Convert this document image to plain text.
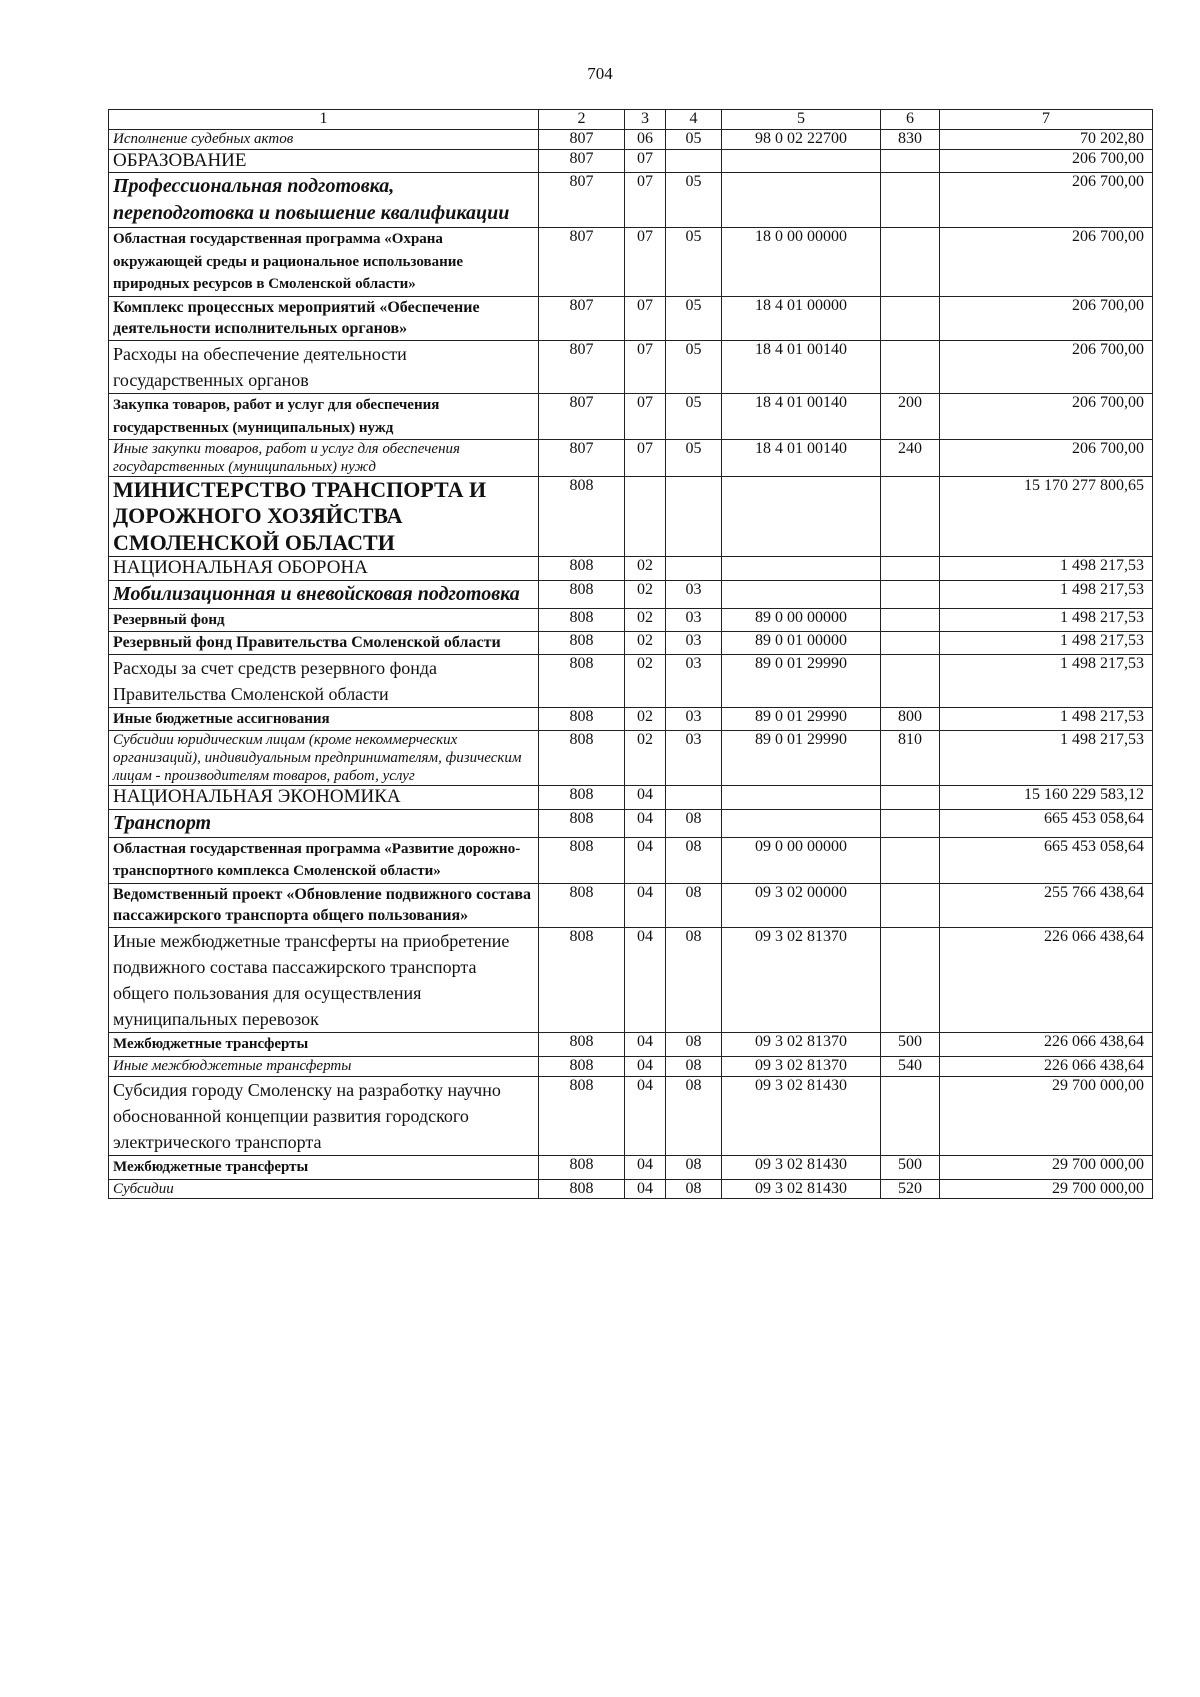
704
1	2	3	4	5	6	7
Исполнение судебных актов	807	06	05	98 0 02 22700	830	70 202,80
ОБРАЗОВАНИЕ	807	07				206 700,00
Профессиональная подготовка, переподготовка и повышение квалификации	807	07	05			206 700,00
Областная государственная программа «Охрана окружающей среды и рациональное использование природных ресурсов в Смоленской области»	807	07	05	18 0 00 00000		206 700,00
Комплекс процессных мероприятий «Обеспечение деятельности исполнительных органов»	807	07	05	18 4 01 00000		206 700,00
Расходы на обеспечение деятельности государственных органов	807	07	05	18 4 01 00140		206 700,00
Закупка товаров, работ и услуг для обеспечения государственных (муниципальных) нужд	807	07	05	18 4 01 00140	200	206 700,00
Иные закупки товаров, работ и услуг для обеспечения государственных (муниципальных) нужд	807	07	05	18 4 01 00140	240	206 700,00
МИНИСТЕРСТВО ТРАНСПОРТА И ДОРОЖНОГО ХОЗЯЙСТВА СМОЛЕНСКОЙ ОБЛАСТИ	808					15 170 277 800,65
НАЦИОНАЛЬНАЯ ОБОРОНА	808	02				1 498 217,53
Мобилизационная и вневойсковая подготовка	808	02	03			1 498 217,53
Резервный фонд	808	02	03	89 0 00 00000		1 498 217,53
Резервный фонд Правительства Смоленской области	808	02	03	89 0 01 00000		1 498 217,53
Расходы за счет средств резервного фонда Правительства Смоленской области	808	02	03	89 0 01 29990		1 498 217,53
Иные бюджетные ассигнования	808	02	03	89 0 01 29990	800	1 498 217,53
Субсидии юридическим лицам (кроме некоммерческих организаций), индивидуальным предпринимателям, физическим лицам - производителям товаров, работ, услуг	808	02	03	89 0 01 29990	810	1 498 217,53
НАЦИОНАЛЬНАЯ ЭКОНОМИКА	808	04				15 160 229 583,12
Транспорт	808	04	08			665 453 058,64
Областная государственная программа «Развитие дорожно-транспортного комплекса Смоленской области»	808	04	08	09 0 00 00000		665 453 058,64
Ведомственный проект «Обновление подвижного состава пассажирского транспорта общего пользования»	808	04	08	09 3 02 00000		255 766 438,64
Иные межбюджетные трансферты на приобретение подвижного состава пассажирского транспорта общего пользования для осуществления муниципальных перевозок	808	04	08	09 3 02 81370		226 066 438,64
Межбюджетные трансферты	808	04	08	09 3 02 81370	500	226 066 438,64
Иные межбюджетные трансферты	808	04	08	09 3 02 81370	540	226 066 438,64
Субсидия городу Смоленску на разработку научно обоснованной концепции развития городского электрического транспорта	808	04	08	09 3 02 81430		29 700 000,00
Межбюджетные трансферты	808	04	08	09 3 02 81430	500	29 700 000,00
Субсидии	808	04	08	09 3 02 81430	520	29 700 000,00
